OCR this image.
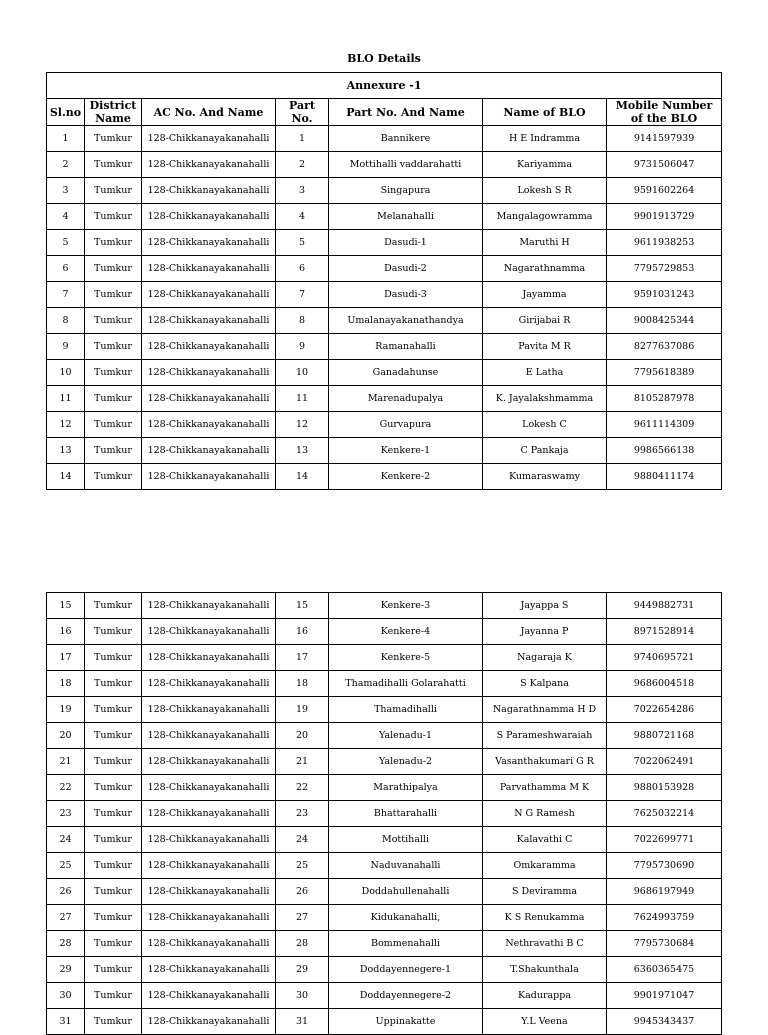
BLO Details
Annexure -1						
Sl.no	District Name	AC No. And Name	Part No.	Part No. And Name	Name of BLO	Mobile Number of the BLO
1	Tumkur	128-Chikkanayakanahalli	1	Bannikere	H E Indramma	9141597939
2	Tumkur	128-Chikkanayakanahalli	2	Mottihalli vaddarahatti	Kariyamma	9731506047
3	Tumkur	128-Chikkanayakanahalli	3	Singapura	Lokesh S R	9591602264
4	Tumkur	128-Chikkanayakanahalli	4	Melanahalli	Mangalagowramma	9901913729
5	Tumkur	128-Chikkanayakanahalli	5	Dasudi-1	Maruthi H	9611938253
6	Tumkur	128-Chikkanayakanahalli	6	Dasudi-2	Nagarathnamma	7795729853
7	Tumkur	128-Chikkanayakanahalli	7	Dasudi-3	Jayamma	9591031243
8	Tumkur	128-Chikkanayakanahalli	8	Umalanayakanathandya	Girijabai R	9008425344
9	Tumkur	128-Chikkanayakanahalli	9	Ramanahalli	Pavita M R	8277637086
10	Tumkur	128-Chikkanayakanahalli	10	Ganadahunse	E Latha	7795618389
11	Tumkur	128-Chikkanayakanahalli	11	Marenadupalya	K. Jayalakshmamma	8105287978
12	Tumkur	128-Chikkanayakanahalli	12	Gurvapura	Lokesh C	9611114309
13	Tumkur	128-Chikkanayakanahalli	13	Kenkere-1	C Pankaja	9986566138
14	Tumkur	128-Chikkanayakanahalli	14	Kenkere-2	Kumaraswamy	9880411174
15	Tumkur	128-Chikkanayakanahalli	15	Kenkere-3	Jayappa S	9449882731
16	Tumkur	128-Chikkanayakanahalli	16	Kenkere-4	Jayanna P	8971528914
17	Tumkur	128-Chikkanayakanahalli	17	Kenkere-5	Nagaraja K	9740695721
18	Tumkur	128-Chikkanayakanahalli	18	Thamadihalli Golarahatti	S Kalpana	9686004518
19	Tumkur	128-Chikkanayakanahalli	19	Thamadihalli	Nagarathnamma H D	7022654286
20	Tumkur	128-Chikkanayakanahalli	20	Yalenadu-1	S Parameshwaraiah	9880721168
21	Tumkur	128-Chikkanayakanahalli	21	Yalenadu-2	Vasanthakumari G R	7022062491
22	Tumkur	128-Chikkanayakanahalli	22	Marathipalya	Parvathamma M K	9880153928
23	Tumkur	128-Chikkanayakanahalli	23	Bhattarahalli	N G Ramesh	7625032214
24	Tumkur	128-Chikkanayakanahalli	24	Mottihalli	Kalavathi C	7022699771
25	Tumkur	128-Chikkanayakanahalli	25	Naduvanahalli	Omkaramma	7795730690
26	Tumkur	128-Chikkanayakanahalli	26	Doddahullenahalli	S Deviramma	9686197949
27	Tumkur	128-Chikkanayakanahalli	27	Kidukanahalli,	K S Renukamma	7624993759
28	Tumkur	128-Chikkanayakanahalli	28	Bommenahalli	Nethravathi B C	7795730684
29	Tumkur	128-Chikkanayakanahalli	29	Doddayennegere-1	T.Shakunthala	6360365475
30	Tumkur	128-Chikkanayakanahalli	30	Doddayennegere-2	Kadurappa	9901971047
31	Tumkur	128-Chikkanayakanahalli	31	Uppinakatte	Y.L Veena	9945343437
